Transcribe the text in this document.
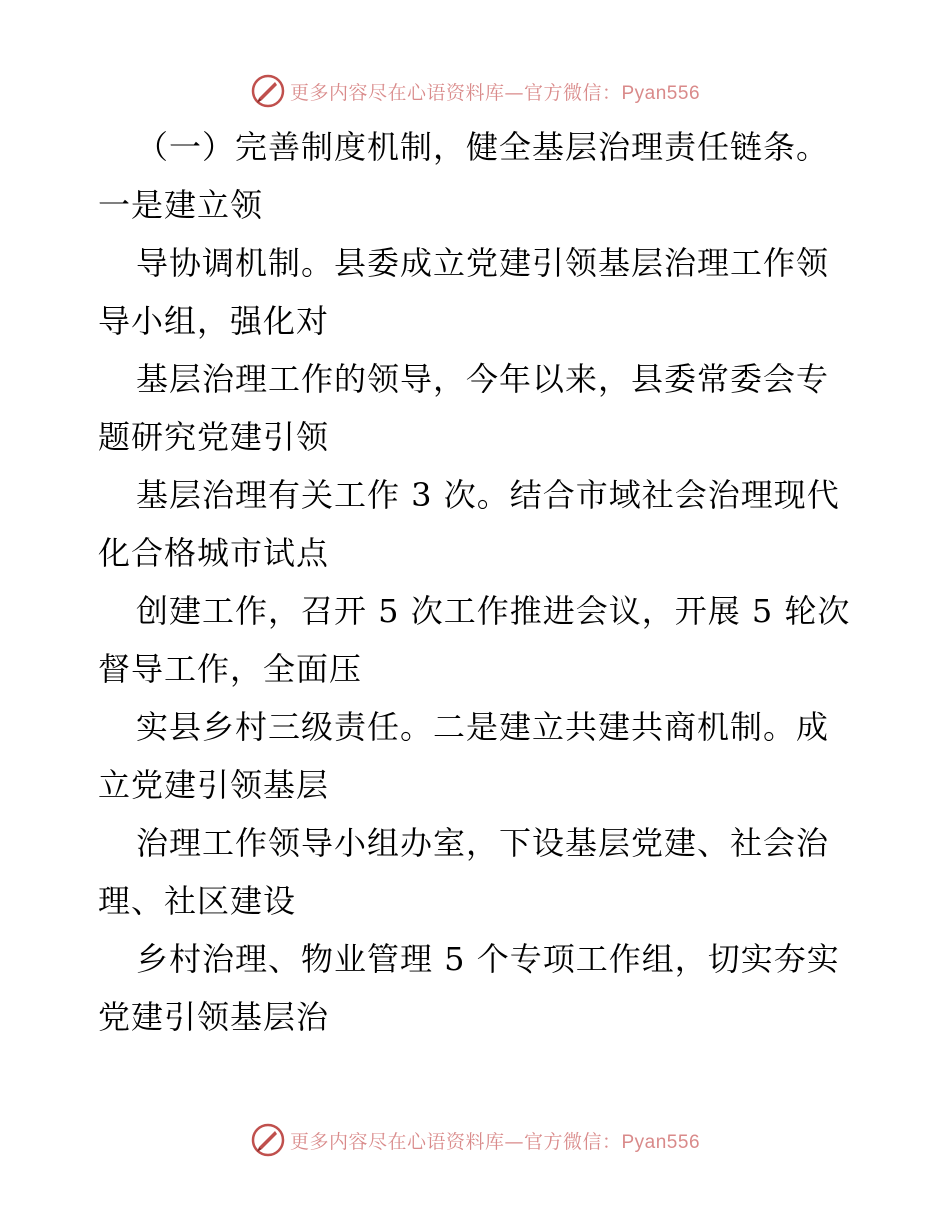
更多内容尽在心语资料库—官方微信：Pyan556
（一）完善制度机制，健全基层治理责任链条。
一是建立领
导协调机制。县委成立党建引领基层治理工作领
导小组，强化对
基层治理工作的领导，今年以来，县委常委会专
题研究党建引领
基层治理有关工作 3 次。结合市域社会治理现代
化合格城市试点
创建工作，召开 5 次工作推进会议，开展 5 轮次
督导工作，全面压
实县乡村三级责任。二是建立共建共商机制。成
立党建引领基层
治理工作领导小组办室，下设基层党建、社会治
理、社区建设
乡村治理、物业管理 5 个专项工作组，切实夯实
党建引领基层治
更多内容尽在心语资料库—官方微信：Pyan556
